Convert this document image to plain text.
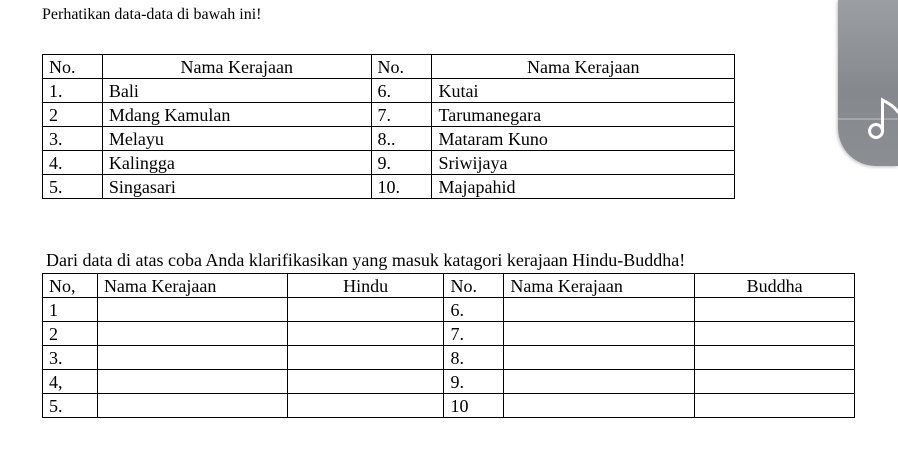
Perhatikan data-data di bawah ini!
No.	Nama Kerajaan	No.	Nama Kerajaan
1.	Bali	6.	Kutai
2	Mdang Kamulan	7.	Tarumanegara
3.	Melayu	8..	Mataram Kuno
4.	Kalingga	9.	Sriwijaya
5.	Singasari	10.	Majapahid
Dari data di atas coba Anda klarifikasikan yang masuk katagori kerajaan Hindu-Buddha!
No,	Nama Kerajaan	Hindu	No.	Nama Kerajaan	Buddha
1			6.		
2			7.		
3.			8.		
4,			9.		
5.			10		
